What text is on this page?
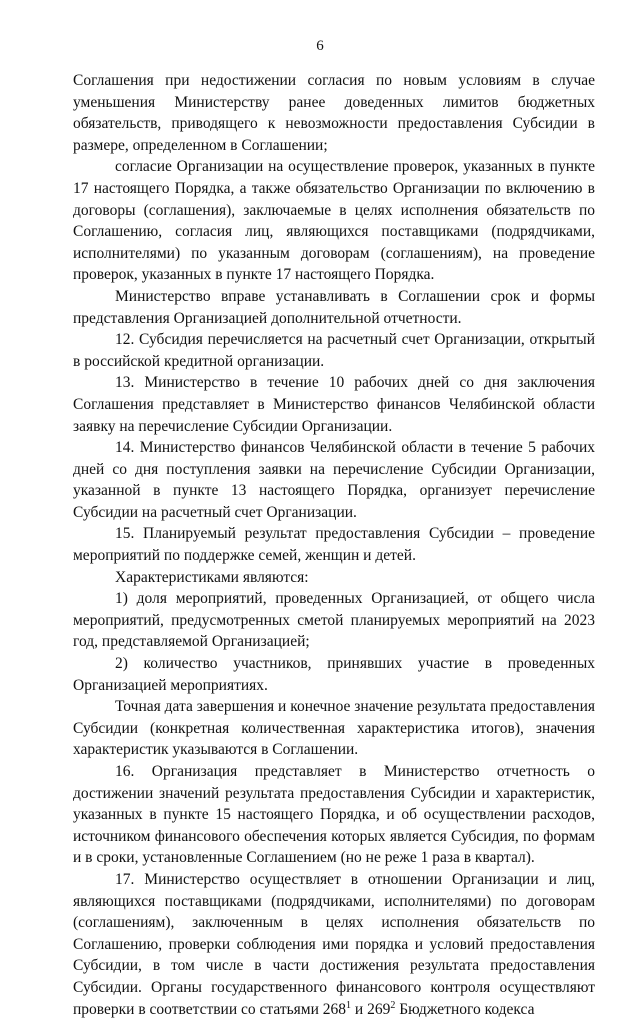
6

Соглашения при недостижении согласия по новым условиям в случае уменьшения Министерству ранее доведенных лимитов бюджетных обязательств, приводящего к невозможности предоставления Субсидии в размере, определенном в Соглашении;

согласие Организации на осуществление проверок, указанных в пункте 17 настоящего Порядка, а также обязательство Организации по включению в договоры (соглашения), заключаемые в целях исполнения обязательств по Соглашению, согласия лиц, являющихся поставщиками (подрядчиками, исполнителями) по указанным договорам (соглашениям), на проведение проверок, указанных в пункте 17 настоящего Порядка.

Министерство вправе устанавливать в Соглашении срок и формы представления Организацией дополнительной отчетности.

12. Субсидия перечисляется на расчетный счет Организации, открытый в российской кредитной организации.

13. Министерство в течение 10 рабочих дней со дня заключения Соглашения представляет в Министерство финансов Челябинской области заявку на перечисление Субсидии Организации.

14. Министерство финансов Челябинской области в течение 5 рабочих дней со дня поступления заявки на перечисление Субсидии Организации, указанной в пункте 13 настоящего Порядка, организует перечисление Субсидии на расчетный счет Организации.

15. Планируемый результат предоставления Субсидии – проведение мероприятий по поддержке семей, женщин и детей.

Характеристиками являются:

1) доля мероприятий, проведенных Организацией, от общего числа мероприятий, предусмотренных сметой планируемых мероприятий на 2023 год, представляемой Организацией;

2) количество участников, принявших участие в проведенных Организацией мероприятиях.

Точная дата завершения и конечное значение результата предоставления Субсидии (конкретная количественная характеристика итогов), значения характеристик указываются в Соглашении.

16. Организация представляет в Министерство отчетность о достижении значений результата предоставления Субсидии и характеристик, указанных в пункте 15 настоящего Порядка, и об осуществлении расходов, источником финансового обеспечения которых является Субсидия, по формам и в сроки, установленные Соглашением (но не реже 1 раза в квартал).

17. Министерство осуществляет в отношении Организации и лиц, являющихся поставщиками (подрядчиками, исполнителями) по договорам (соглашениям), заключенным в целях исполнения обязательств по Соглашению, проверки соблюдения ими порядка и условий предоставления Субсидии, в том числе в части достижения результата предоставления Субсидии. Органы государственного финансового контроля осуществляют проверки в соответствии со статьями $268^1$ и $269^2$ Бюджетного кодекса
